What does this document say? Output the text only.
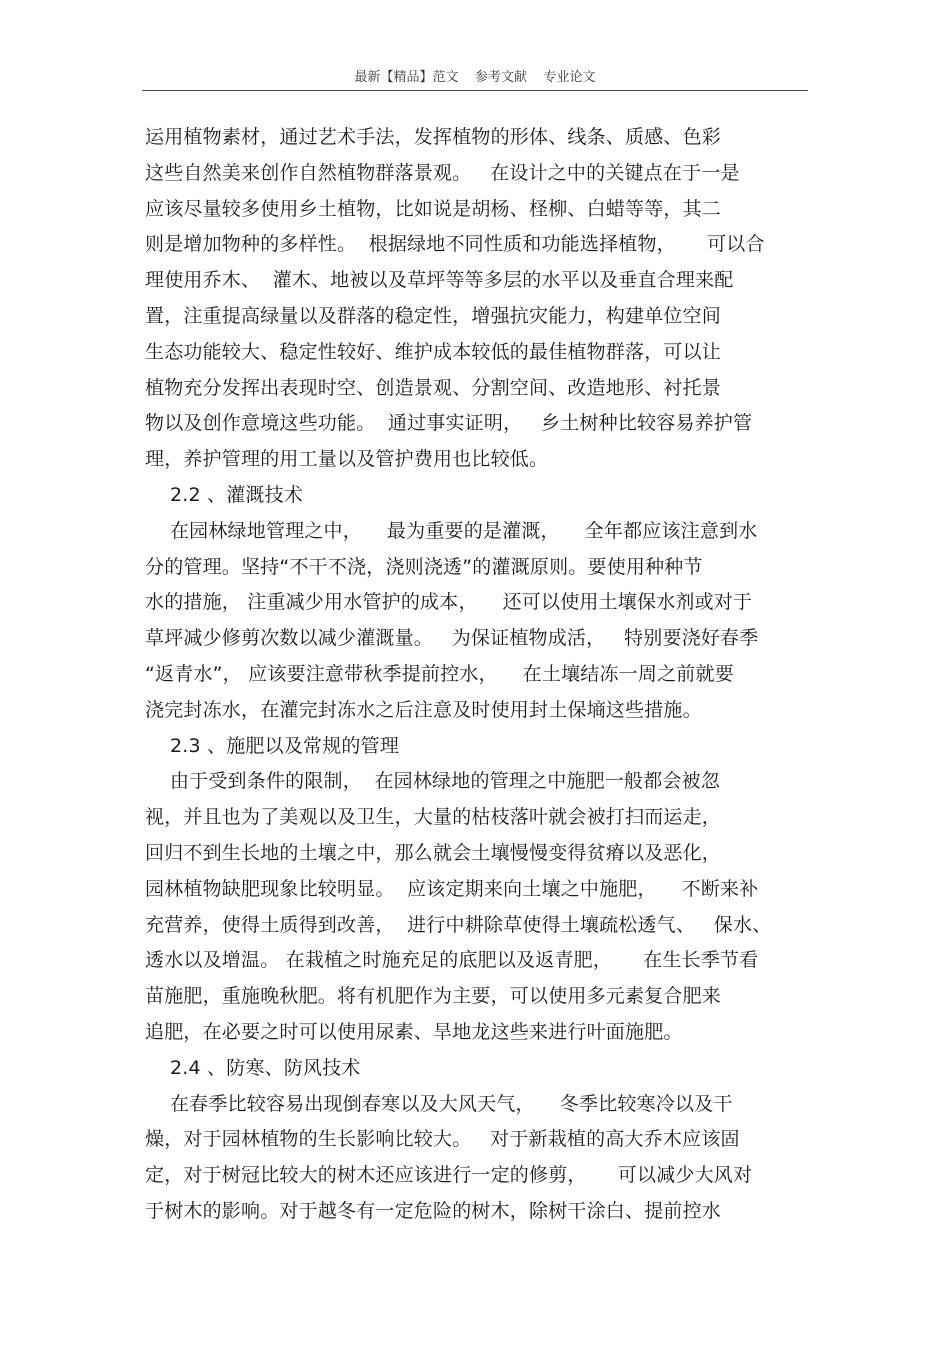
最新【精品】范文    参考文献    专业论文
运用植物素材，通过艺术手法，发挥植物的形体、线条、质感、色彩
这些自然美来创作自然植物群落景观。   在设计之中的关键点在于一是
应该尽量较多使用乡土植物，比如说是胡杨、柽柳、白蜡等等，其二
则是增加物种的多样性。  根据绿地不同性质和功能选择植物，     可以合
理使用乔木、  灌木、地被以及草坪等等多层的水平以及垂直合理来配
置，注重提高绿量以及群落的稳定性，增强抗灾能力，构建单位空间
生态功能较大、稳定性较好、维护成本较低的最佳植物群落，可以让
植物充分发挥出表现时空、创造景观、分割空间、改造地形、衬托景
物以及创作意境这些功能。  通过事实证明，   乡土树种比较容易养护管
理，养护管理的用工量以及管护费用也比较低。
2.2 、灌溉技术
在园林绿地管理之中，    最为重要的是灌溉，    全年都应该注意到水
分的管理。坚持“不干不浇，浇则浇透”的灌溉原则。要使用种种节
水的措施， 注重减少用水管护的成本，    还可以使用土壤保水剂或对于
草坪减少修剪次数以减少灌溉量。   为保证植物成活，   特别要浇好春季
“返青水”， 应该要注意带秋季提前控水，    在土壤结冻一周之前就要
浇完封冻水，在灌完封冻水之后注意及时使用封土保墒这些措施。
2.3 、施肥以及常规的管理
由于受到条件的限制，  在园林绿地的管理之中施肥一般都会被忽
视，并且也为了美观以及卫生，大量的枯枝落叶就会被打扫而运走，
回归不到生长地的土壤之中，那么就会土壤慢慢变得贫瘠以及恶化，
园林植物缺肥现象比较明显。  应该定期来向土壤之中施肥，    不断来补
充营养，使得土质得到改善，  进行中耕除草使得土壤疏松透气、   保水、
透水以及增温。 在栽植之时施充足的底肥以及返青肥，     在生长季节看
苗施肥，重施晚秋肥。将有机肥作为主要，可以使用多元素复合肥来
追肥，在必要之时可以使用尿素、旱地龙这些来进行叶面施肥。
2.4 、防寒、防风技术
在春季比较容易出现倒春寒以及大风天气，    冬季比较寒冷以及干
燥，对于园林植物的生长影响比较大。   对于新栽植的高大乔木应该固
定，对于树冠比较大的树木还应该进行一定的修剪，     可以减少大风对
于树木的影响。对于越冬有一定危险的树木，除树干涂白、提前控水
